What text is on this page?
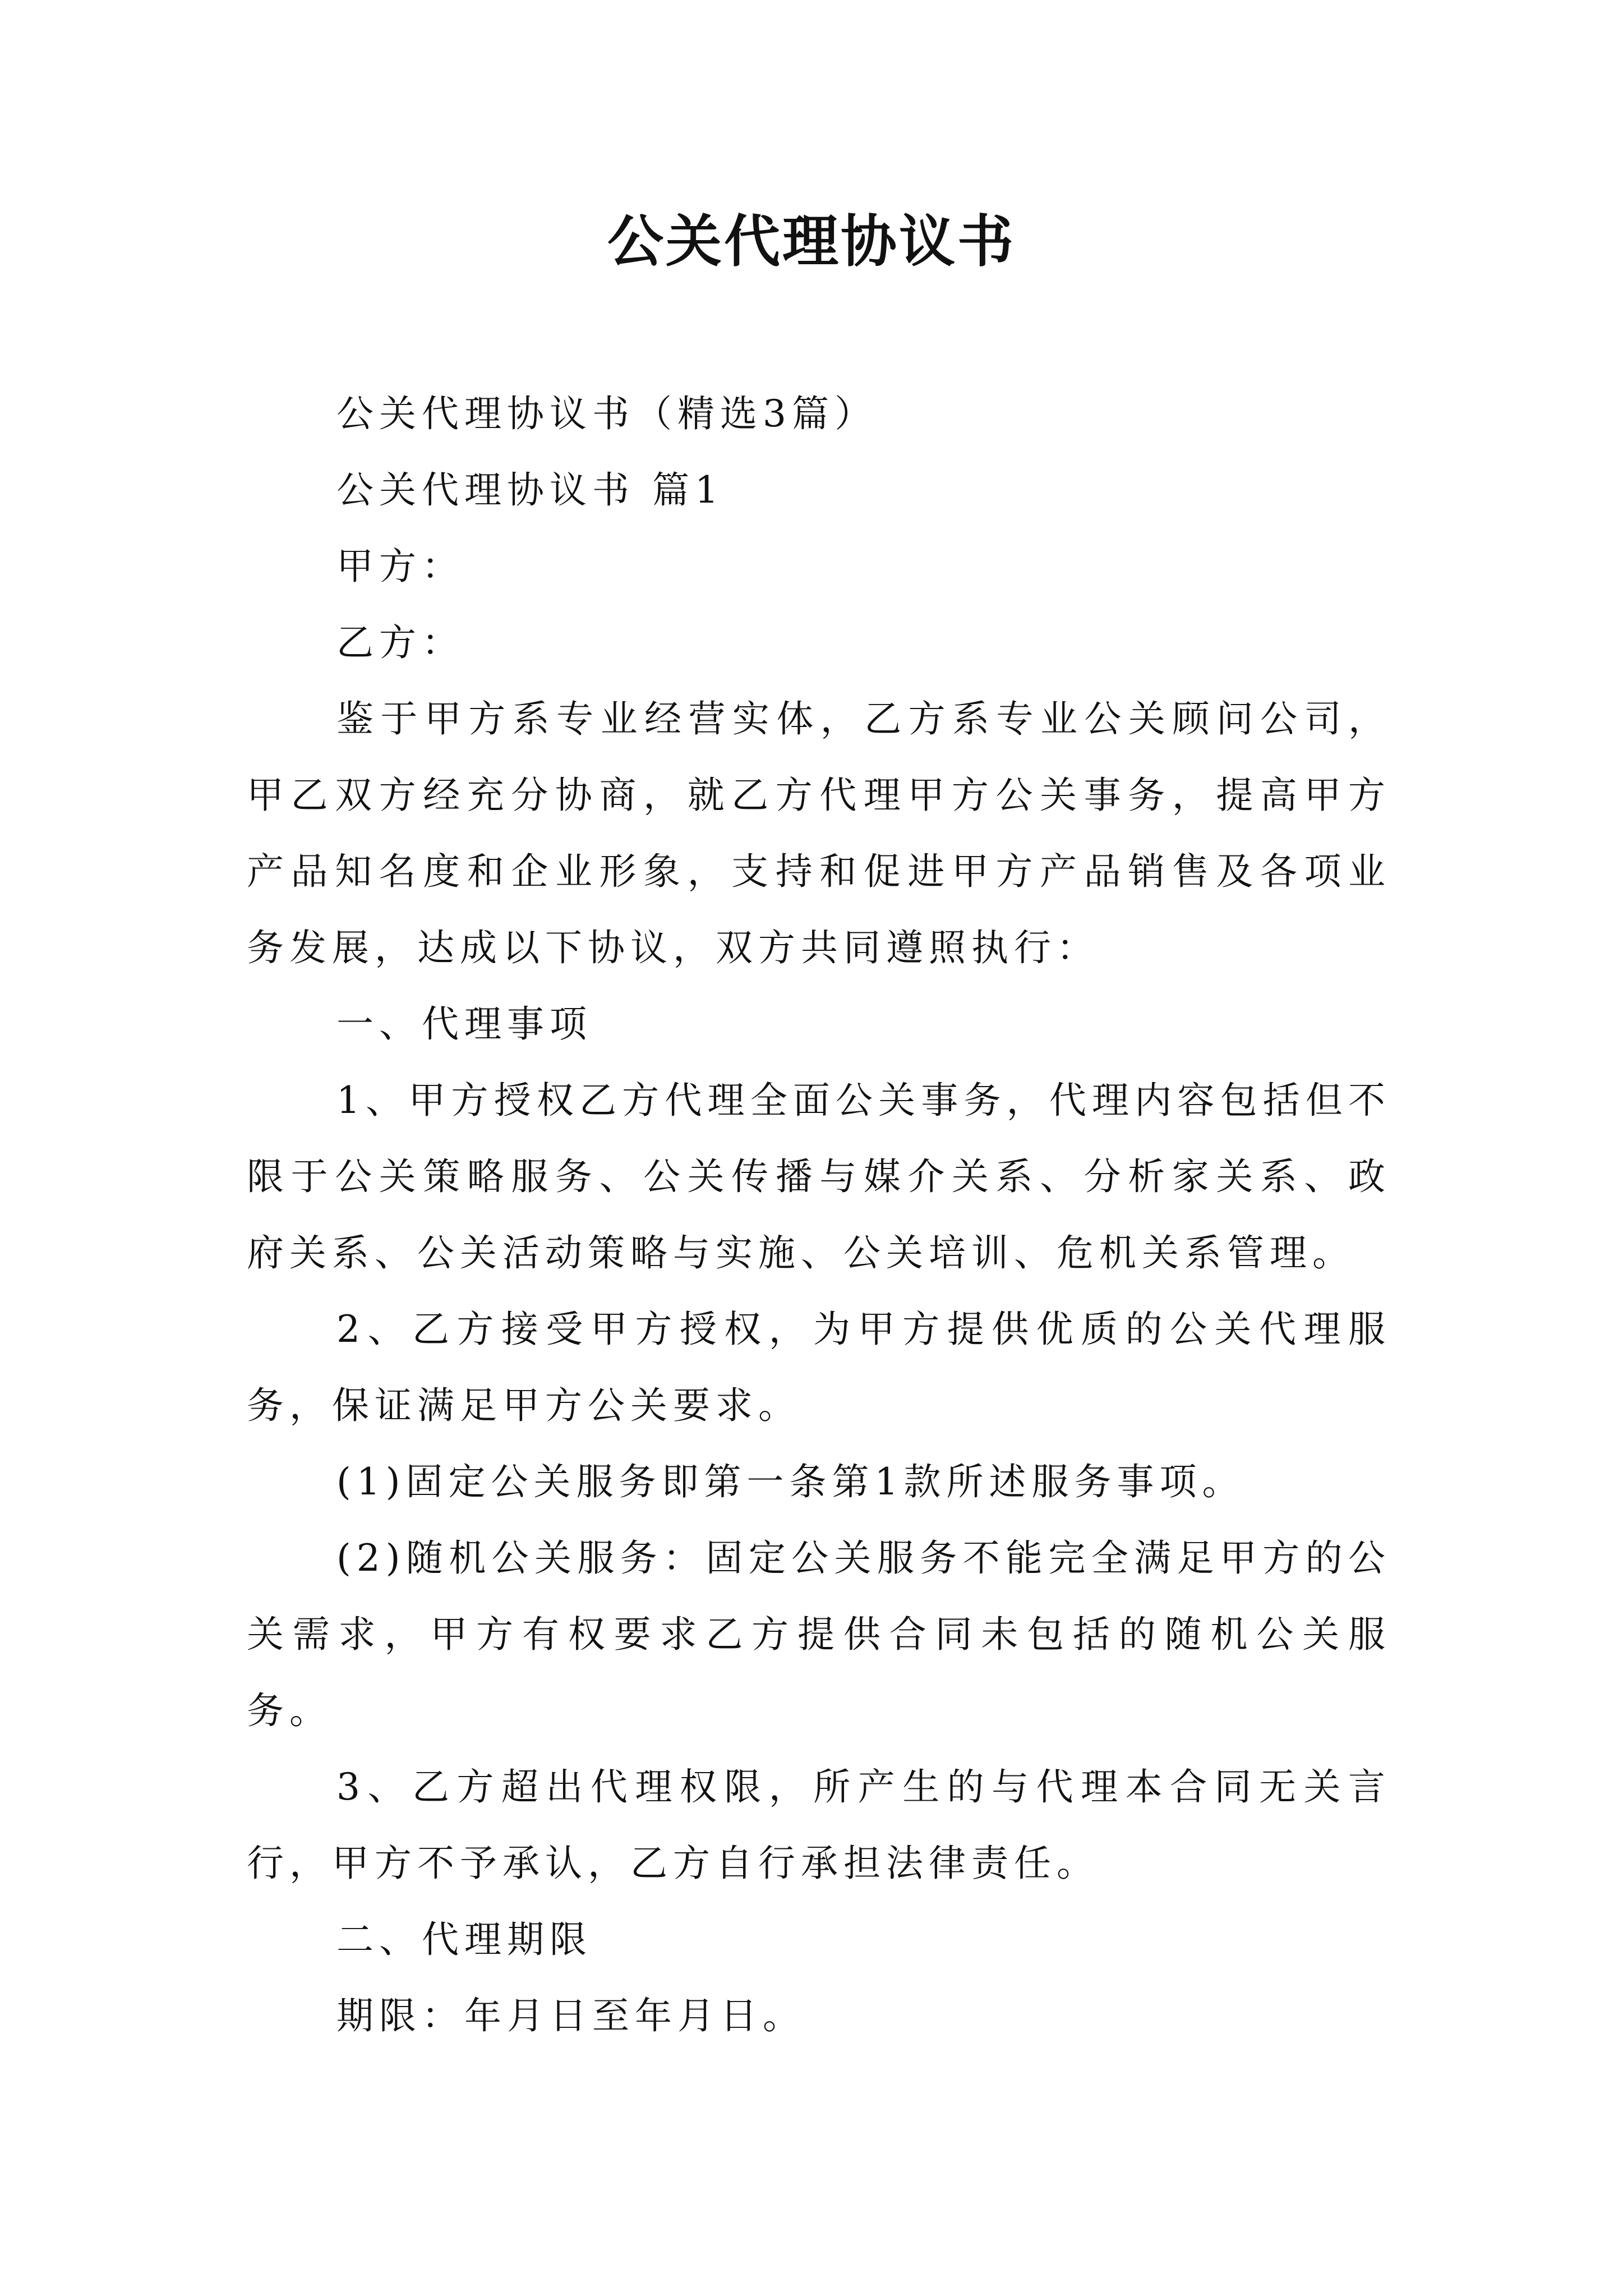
公关代理协议书

公关代理协议书（精选3篇）

公关代理协议书 篇1

甲方：

乙方：

鉴于甲方系专业经营实体，乙方系专业公关顾问公司，甲乙双方经充分协商，就乙方代理甲方公关事务，提高甲方产品知名度和企业形象，支持和促进甲方产品销售及各项业务发展，达成以下协议，双方共同遵照执行：

一、代理事项

1、甲方授权乙方代理全面公关事务，代理内容包括但不限于公关策略服务、公关传播与媒介关系、分析家关系、政府关系、公关活动策略与实施、公关培训、危机关系管理。

2、乙方接受甲方授权，为甲方提供优质的公关代理服务，保证满足甲方公关要求。

(1)固定公关服务即第一条第1款所述服务事项。

(2)随机公关服务：固定公关服务不能完全满足甲方的公关需求，甲方有权要求乙方提供合同未包括的随机公关服务。

3、乙方超出代理权限，所产生的与代理本合同无关言行，甲方不予承认，乙方自行承担法律责任。

二、代理期限

期限：年月日至年月日。
